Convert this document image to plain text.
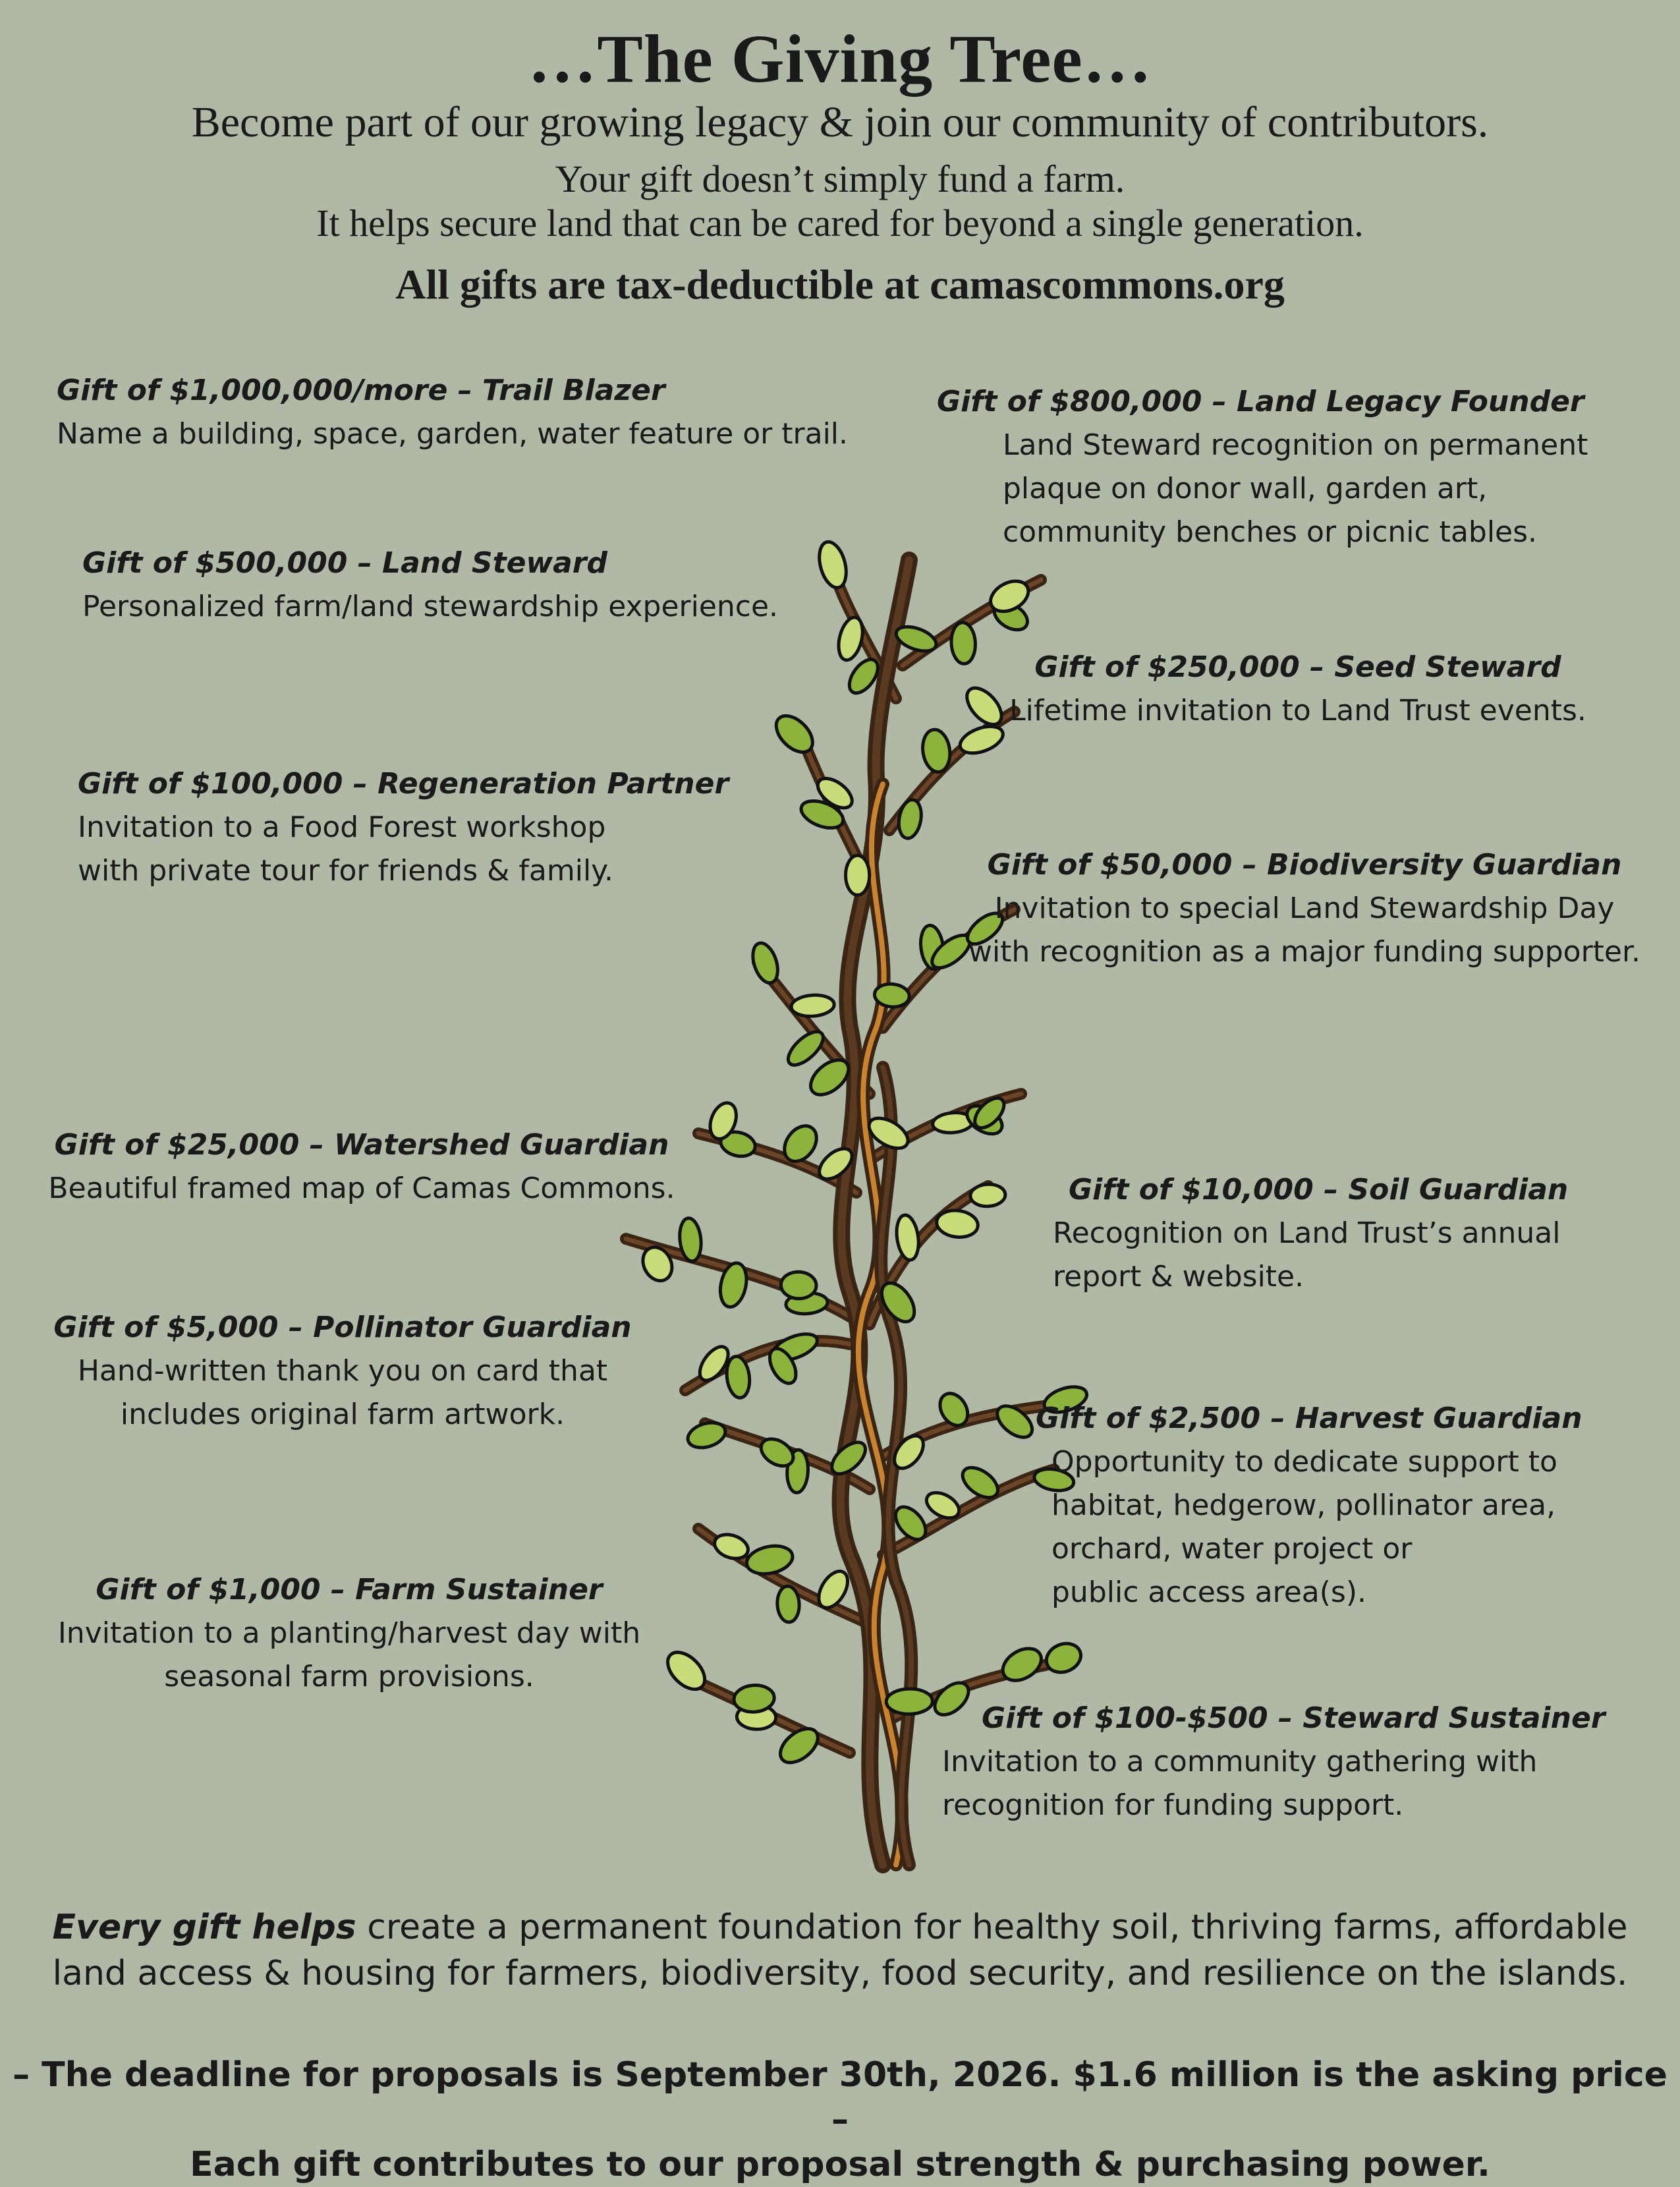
…The Giving Tree…
Become part of our growing legacy & join our community of contributors.
Your gift doesn’t simply fund a farm.
It helps secure land that can be cared for beyond a single generation.
All gifts are tax-deductible at camascommons.org
Gift of $1,000,000/more – Trail Blazer
Name a building, space, garden, water feature or trail.
Gift of $500,000 – Land Steward
Personalized farm/land stewardship experience.
Gift of $100,000 – Regeneration Partner
Invitation to a Food Forest workshop
with private tour for friends & family.
Gift of $25,000 – Watershed Guardian
Beautiful framed map of Camas Commons.
Gift of $5,000 – Pollinator Guardian
Hand-written thank you on card that
includes original farm artwork.
Gift of $1,000 – Farm Sustainer
Invitation to a planting/harvest day with
seasonal farm provisions.
Gift of $800,000 – Land Legacy Founder
Land Steward recognition on permanent
plaque on donor wall, garden art,
community benches or picnic tables.
Gift of $250,000 – Seed Steward
Lifetime invitation to Land Trust events.
Gift of $50,000 – Biodiversity Guardian
Invitation to special Land Stewardship Day
with recognition as a major funding supporter.
Gift of $10,000 – Soil Guardian
Recognition on Land Trust’s annual
report & website.
Gift of $2,500 – Harvest Guardian
Opportunity to dedicate support to
habitat, hedgerow, pollinator area,
orchard, water project or
public access area(s).
Gift of $100-$500 – Steward Sustainer
Invitation to a community gathering with
recognition for funding support.
Every gift helps create a permanent foundation for healthy soil, thriving farms, affordable
land access & housing for farmers, biodiversity, food security, and resilience on the islands.
– The deadline for proposals is September 30th, 2026. $1.6 million is the asking price –
Each gift contributes to our proposal strength & purchasing power.
